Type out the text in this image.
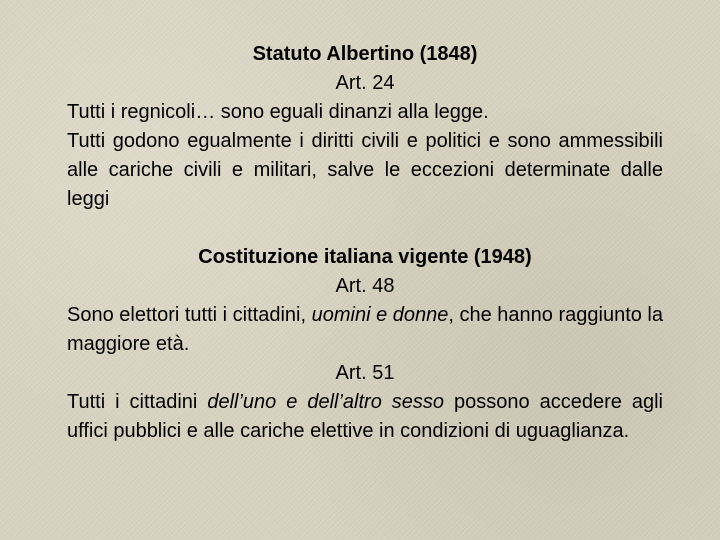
Statuto Albertino (1848)
Art. 24
Tutti i regnicoli… sono eguali dinanzi alla legge.
Tutti godono egualmente i diritti civili e politici e sono ammessibili alle cariche civili e militari, salve le eccezioni determinate dalle leggi
Costituzione italiana vigente (1948)
Art. 48
Sono elettori tutti i cittadini, uomini e donne, che hanno raggiunto la maggiore età.
Art. 51
Tutti i cittadini dell’uno e dell’altro sesso possono accedere agli uffici pubblici e alle cariche elettive in condizioni di uguaglianza.
